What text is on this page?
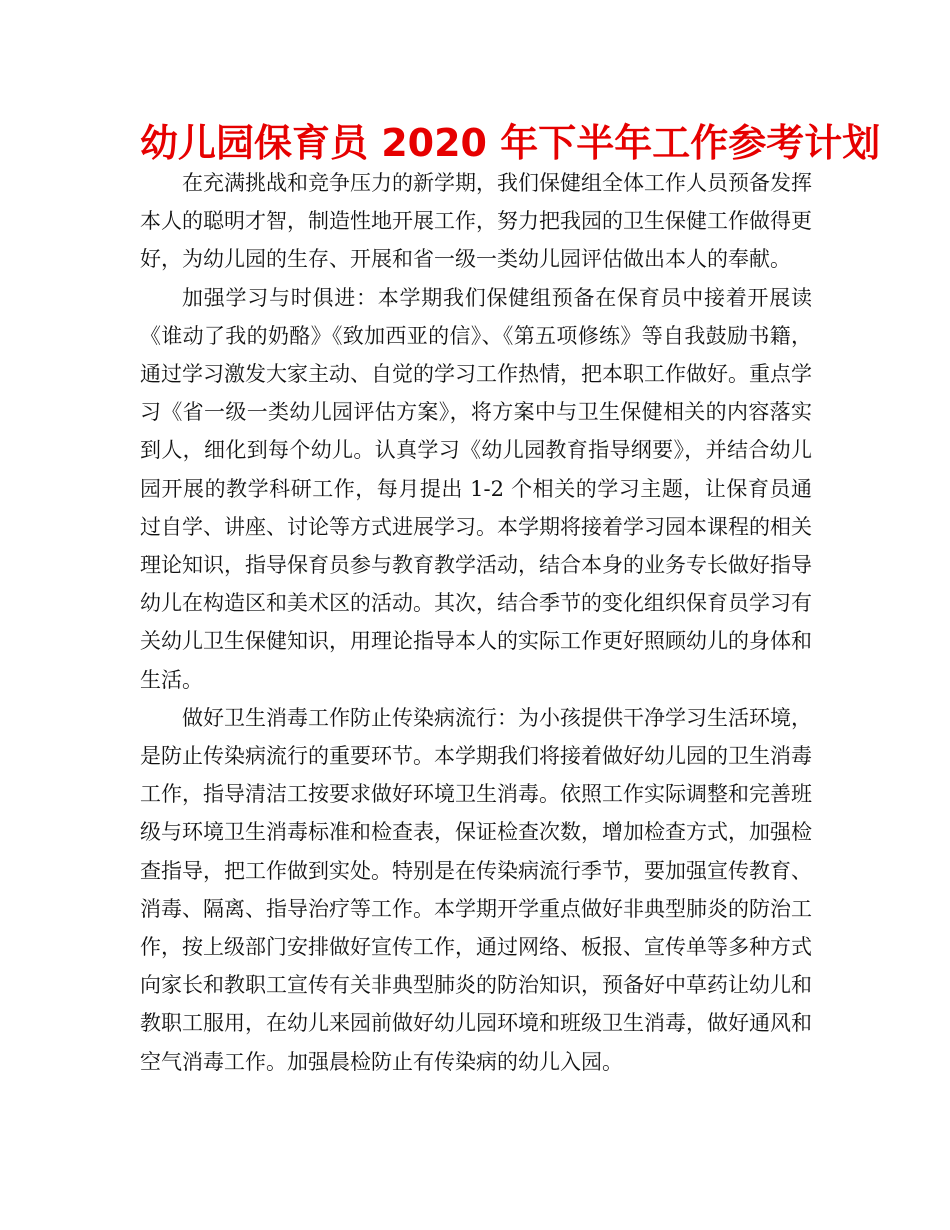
幼儿园保育员 2020 年下半年工作参考计划

在充满挑战和竞争压力的新学期，我们保健组全体工作人员预备发挥本人的聪明才智，制造性地开展工作，努力把我园的卫生保健工作做得更好，为幼儿园的生存、开展和省一级一类幼儿园评估做出本人的奉献。

加强学习与时俱进：本学期我们保健组预备在保育员中接着开展读《谁动了我的奶酪》《致加西亚的信》、《第五项修练》等自我鼓励书籍，通过学习激发大家主动、自觉的学习工作热情，把本职工作做好。重点学习《省一级一类幼儿园评估方案》，将方案中与卫生保健相关的内容落实到人，细化到每个幼儿。认真学习《幼儿园教育指导纲要》，并结合幼儿园开展的教学科研工作，每月提出 1-2 个相关的学习主题，让保育员通过自学、讲座、讨论等方式进展学习。本学期将接着学习园本课程的相关理论知识，指导保育员参与教育教学活动，结合本身的业务专长做好指导幼儿在构造区和美术区的活动。其次，结合季节的变化组织保育员学习有关幼儿卫生保健知识，用理论指导本人的实际工作更好照顾幼儿的身体和生活。

做好卫生消毒工作防止传染病流行：为小孩提供干净学习生活环境，是防止传染病流行的重要环节。本学期我们将接着做好幼儿园的卫生消毒工作，指导清洁工按要求做好环境卫生消毒。依照工作实际调整和完善班级与环境卫生消毒标准和检查表，保证检查次数，增加检查方式，加强检查指导，把工作做到实处。特别是在传染病流行季节，要加强宣传教育、消毒、隔离、指导治疗等工作。本学期开学重点做好非典型肺炎的防治工作，按上级部门安排做好宣传工作，通过网络、板报、宣传单等多种方式向家长和教职工宣传有关非典型肺炎的防治知识，预备好中草药让幼儿和教职工服用，在幼儿来园前做好幼儿园环境和班级卫生消毒，做好通风和空气消毒工作。加强晨检防止有传染病的幼儿入园。
